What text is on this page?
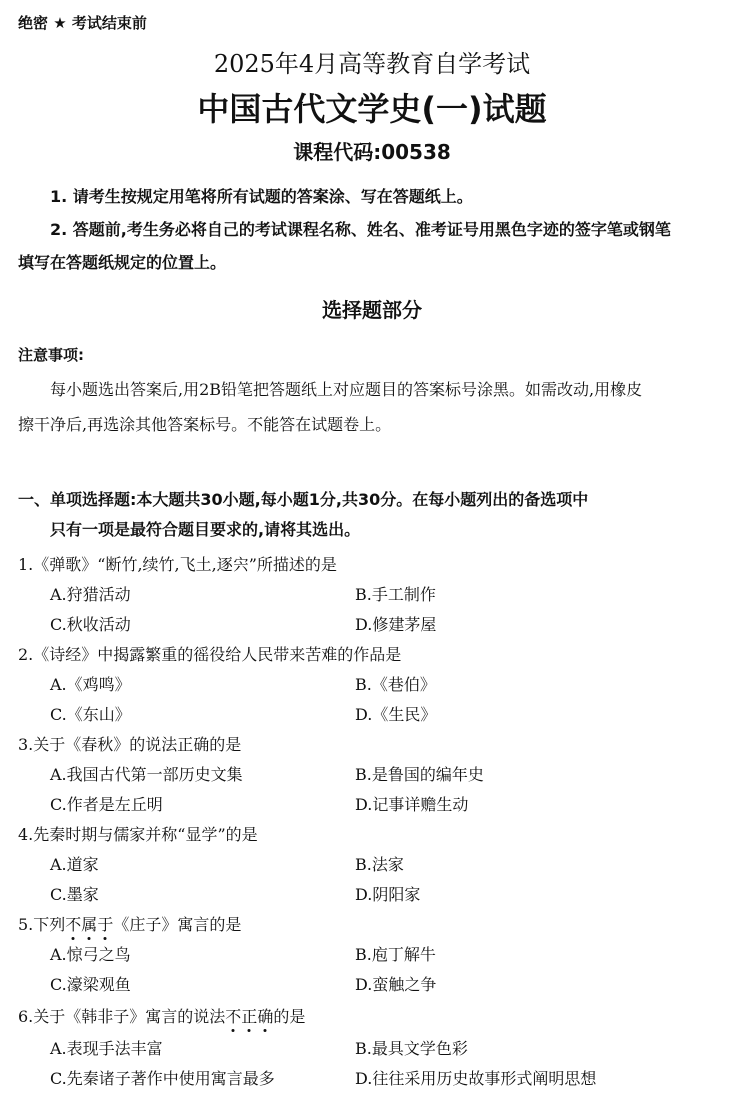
绝密 ★ 考试结束前
2025年4月高等教育自学考试
中国古代文学史(一)试题
课程代码:00538
1. 请考生按规定用笔将所有试题的答案涂、写在答题纸上。
2. 答题前,考生务必将自己的考试课程名称、姓名、准考证号用黑色字迹的签字笔或钢笔
填写在答题纸规定的位置上。
选择题部分
注意事项:
每小题选出答案后,用2B铅笔把答题纸上对应题目的答案标号涂黑。如需改动,用橡皮
擦干净后,再选涂其他答案标号。不能答在试题卷上。
一、单项选择题:本大题共30小题,每小题1分,共30分。在每小题列出的备选项中
只有一项是最符合题目要求的,请将其选出。
1.《弹歌》“断竹,续竹,飞土,逐宍”所描述的是
A.狩猎活动	B.手工制作
C.秋收活动	D.修建茅屋
2.《诗经》中揭露繁重的徭役给人民带来苦难的作品是
A.《鸡鸣》	B.《巷伯》
C.《东山》	D.《生民》
3.关于《春秋》的说法正确的是
A.我国古代第一部历史文集	B.是鲁国的编年史
C.作者是左丘明	D.记事详赡生动
4.先秦时期与儒家并称“显学”的是
A.道家	B.法家
C.墨家	D.阴阳家
5.下列不属于《庄子》寓言的是
A.惊弓之鸟	B.庖丁解牛
C.濠梁观鱼	D.蛮触之争
6.关于《韩非子》寓言的说法不正确的是
A.表现手法丰富	B.最具文学色彩
C.先秦诸子著作中使用寓言最多	D.往往采用历史故事形式阐明思想
